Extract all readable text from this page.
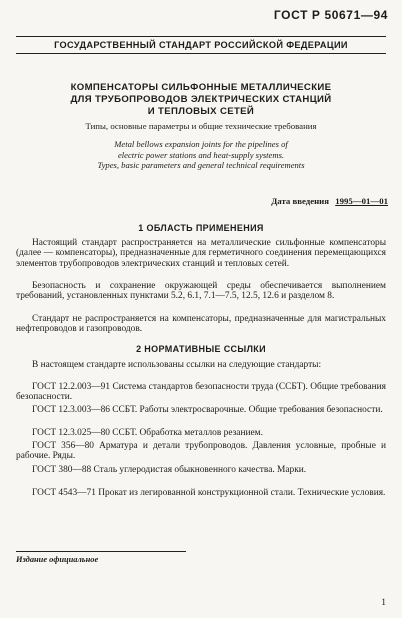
ГОСТ Р 50671—94
ГОСУДАРСТВЕННЫЙ СТАНДАРТ РОССИЙСКОЙ ФЕДЕРАЦИИ
КОМПЕНСАТОРЫ СИЛЬФОННЫЕ МЕТАЛЛИЧЕСКИЕ
ДЛЯ ТРУБОПРОВОДОВ ЭЛЕКТРИЧЕСКИХ СТАНЦИЙ
И ТЕПЛОВЫХ СЕТЕЙ
Типы, основные параметры и общие технические требования
Metal bellows expansion joints for the pipelines of
electric power stations and heat-supply systems.
Types, basic parameters and general technical requirements
Дата введения 1995—01—01
1 ОБЛАСТЬ ПРИМЕНЕНИЯ
Настоящий стандарт распространяется на металлические сильфонные компенсаторы (далее — компенсаторы), предназначенные для герметичного соединения перемещающихся элементов трубопроводов электрических станций и тепловых сетей.
Безопасность и сохранение окружающей среды обеспечивается выполнением требований, установленных пунктами 5.2, 6.1, 7.1—7.5, 12.5, 12.6 и разделом 8.
Стандарт не распространяется на компенсаторы, предназначенные для магистральных нефтепроводов и газопроводов.
2 НОРМАТИВНЫЕ ССЫЛКИ
В настоящем стандарте использованы ссылки на следующие стандарты:
ГОСТ 12.2.003—91 Система стандартов безопасности труда (ССБТ). Общие требования безопасности.
ГОСТ 12.3.003—86 ССБТ. Работы электросварочные. Общие требования безопасности.
ГОСТ 12.3.025—80 ССБТ. Обработка металлов резанием.
ГОСТ 356—80 Арматура и детали трубопроводов. Давления условные, пробные и рабочие. Ряды.
ГОСТ 380—88 Сталь углеродистая обыкновенного качества. Марки.
ГОСТ 4543—71 Прокат из легированной конструкционной стали. Технические условия.
Издание официальное
1
